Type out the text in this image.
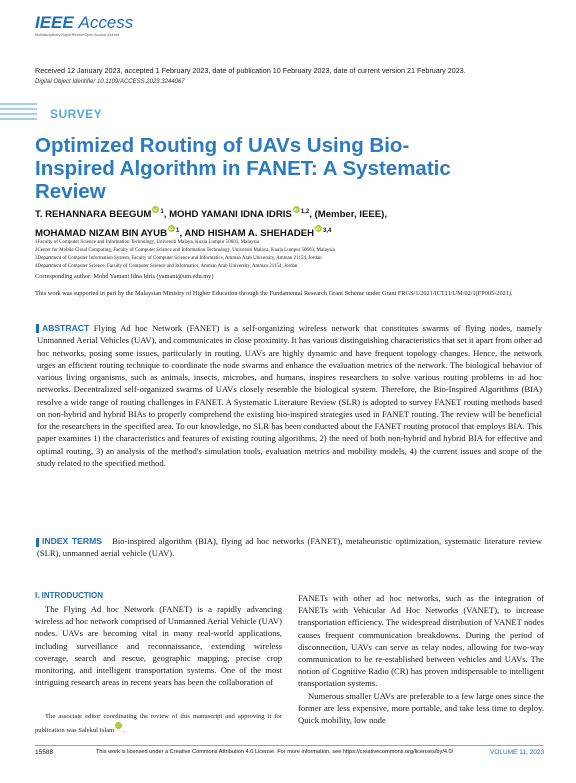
IEEE Access
Multidisciplinary Rapid Review Open Access Journal
Received 12 January 2023, accepted 1 February 2023, date of publication 10 February 2023, date of current version 21 February 2023.
Digital Object Identifier 10.1109/ACCESS.2023.3244067
SURVEY
Optimized Routing of UAVs Using Bio-Inspired Algorithm in FANET: A Systematic Review
T. REHANNARA BEEGUM iD $^1$, MOHD YAMANI IDNA IDRIS iD $^{1,2}$, (Member, IEEE),
MOHAMAD NIZAM BIN AYUB iD $^1$, AND HISHAM A. SHEHADEH iD $^{3,4}$
1Faculty of Computer Science and Information Technology, Universiti Malaya, Kuala Lumpur 50603, Malaysia
2Center for Mobile Cloud Computing, Faculty of Computer Science and Information Technology, Universiti Malaya, Kuala Lumpur 50603, Malaysia
3Department of Computer Information System, Faculty of Computer Science and Informatics, Amman Arab University, Amman 21154, Jordan
4Department of Computer Science, Faculty of Computer Science and Informatics, Amman Arab University, Amman 21154, Jordan
Corresponding author: Mohd Yamani Idna Idris (yamani@um.edu.my)
This work was supported in part by the Malaysian Ministry of Higher Education through the Fundamental Research Grant Scheme under Grant FRGS/1/2021/ICT11/UM/02/1(FP005-2021).
ABSTRACT Flying Ad hoc Network (FANET) is a self-organizing wireless network that constitutes swarms of flying nodes, namely Unmanned Aerial Vehicles (UAV), and communicates in close proximity. It has various distinguishing characteristics that set it apart from other ad hoc networks, posing some issues, particularly in routing. UAVs are highly dynamic and have frequent topology changes. Hence, the network urges an efficient routing technique to coordinate the node swarms and enhance the evaluation metrics of the network. The biological behavior of various living organisms, such as animals, insects, microbes, and humans, inspires researchers to solve various routing problems in ad hoc networks. Decentralized self-organized swarms of UAVs closely resemble the biological system. Therefore, the Bio-Inspired Algorithms (BIA) resolve a wide range of routing challenges in FANET. A Systematic Literature Review (SLR) is adopted to survey FANET routing methods based on non-hybrid and hybrid BIAs to properly comprehend the existing bio-inspired strategies used in FANET routing. The review will be beneficial for the researchers in the specified area. To our knowledge, no SLR has been conducted about the FANET routing protocol that employs BIA. This paper examines 1) the characteristics and features of existing routing algorithms, 2) the need of both non-hybrid and hybrid BIA for effective and optimal routing, 3) an analysis of the method's simulation tools, evaluation metrics and mobility models, 4) the current issues and scope of the study related to the specified method.
INDEX TERMS Bio-inspired algorithm (BIA), flying ad hoc networks (FANET), metaheuristic optimization, systematic literature review (SLR), unmanned aerial vehicle (UAV).
I. INTRODUCTION

The Flying Ad hoc Network (FANET) is a rapidly advancing wireless ad hoc network comprised of Unmanned Aerial Vehicle (UAV) nodes. UAVs are becoming vital in many real-world applications, including surveillance and reconnaissance, extending wireless coverage, search and rescue, geographic mapping, precise crop monitoring, and intelligent transportation systems. One of the most intriguing research areas in recent years has been the collaboration of

The associate editor coordinating the review of this manuscript and approving it for publication was Salekul IslamiD .

FANETs with other ad hoc networks, such as the integration of FANETs with Vehicular Ad Hoc Networks (VANET), to increase transportation efficiency. The widespread distribution of VANET nodes causes frequent communication breakdowns. During the period of disconnection, UAVs can serve as relay nodes, allowing for two-way communication to be re-established between vehicles and UAVs. The notion of Cognitive Radio (CR) has proven indispensable to intelligent transportation systems.

Numerous smaller UAVs are preferable to a few large ones since the former are less expensive, more portable, and take less time to deploy. Quick mobility, low node

15588	This work is licensed under a Creative Commons Attribution 4.0 License. For more information, see https://creativecommons.org/licenses/by/4.0/	VOLUME 11, 2023
